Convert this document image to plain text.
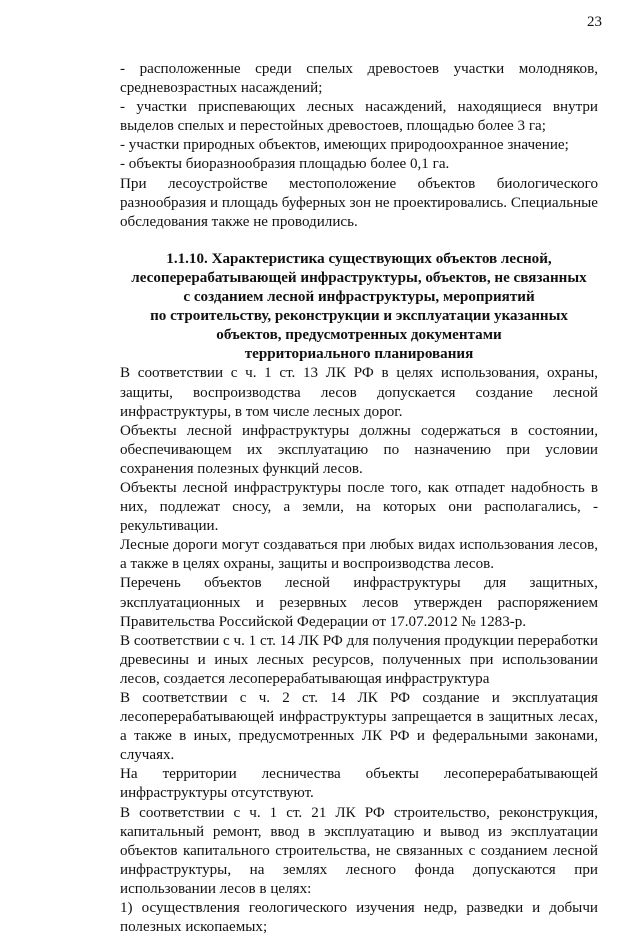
23

- расположенные среди спелых древостоев участки молодняков, средневозрастных насаждений;

- участки приспевающих лесных насаждений, находящиеся внутри выделов спелых и перестойных древостоев, площадью более 3 га;

- участки природных объектов, имеющих природоохранное значение;

- объекты биоразнообразия площадью более 0,1 га.

При лесоустройстве местоположение объектов биологического разнообразия и площадь буферных зон не проектировались. Специальные обследования также не проводились.

1.1.10. Характеристика существующих объектов лесной,
лесоперерабатывающей инфраструктуры, объектов, не связанных
с созданием лесной инфраструктуры, мероприятий
по строительству, реконструкции и эксплуатации указанных
объектов, предусмотренных документами
территориального планирования

В соответствии с ч. 1 ст. 13 ЛК РФ в целях использования, охраны, защиты, воспроизводства лесов допускается создание лесной инфраструктуры, в том числе лесных дорог.

Объекты лесной инфраструктуры должны содержаться в состоянии, обеспечивающем их эксплуатацию по назначению при условии сохранения полезных функций лесов.

Объекты лесной инфраструктуры после того, как отпадет надобность в них, подлежат сносу, а земли, на которых они располагались, - рекультивации.

Лесные дороги могут создаваться при любых видах использования лесов, а также в целях охраны, защиты и воспроизводства лесов.

Перечень объектов лесной инфраструктуры для защитных, эксплуатационных и резервных лесов утвержден распоряжением Правительства Российской Федерации от 17.07.2012 № 1283-р.

В соответствии с ч. 1 ст. 14 ЛК РФ для получения продукции переработки древесины и иных лесных ресурсов, полученных при использовании лесов, создается лесоперерабатывающая инфраструктура

В соответствии с ч. 2 ст. 14 ЛК РФ создание и эксплуатация лесоперерабатывающей инфраструктуры запрещается в защитных лесах, а также в иных, предусмотренных ЛК РФ и федеральными законами, случаях.

На территории лесничества объекты лесоперерабатывающей инфраструктуры отсутствуют.

В соответствии с ч. 1 ст. 21 ЛК РФ строительство, реконструкция, капитальный ремонт, ввод в эксплуатацию и вывод из эксплуатации объектов капитального строительства, не связанных с созданием лесной инфраструктуры, на землях лесного фонда допускаются при использовании лесов в целях:

1) осуществления геологического изучения недр, разведки и добычи полезных ископаемых;
